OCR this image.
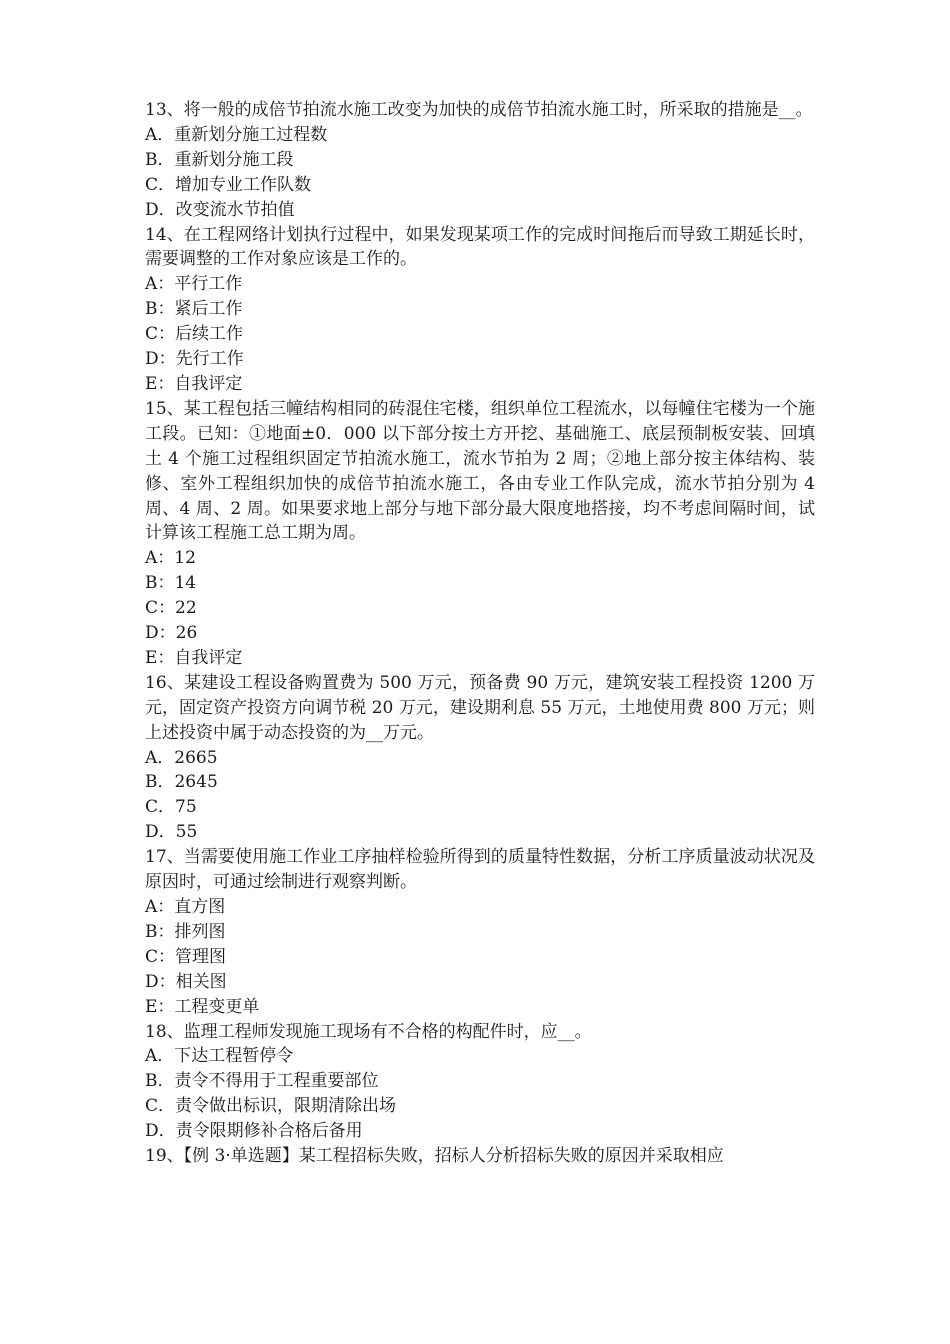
13、将一般的成倍节拍流水施工改变为加快的成倍节拍流水施工时，所采取的措施是__。

A．重新划分施工过程数

B．重新划分施工段

C．增加专业工作队数

D．改变流水节拍值

14、在工程网络计划执行过程中，如果发现某项工作的完成时间拖后而导致工期延长时，需要调整的工作对象应该是工作的。

A：平行工作

B：紧后工作

C：后续工作

D：先行工作

E：自我评定

15、某工程包括三幢结构相同的砖混住宅楼，组织单位工程流水，以每幢住宅楼为一个施工段。已知：①地面±0．000 以下部分按土方开挖、基础施工、底层预制板安装、回填土 4 个施工过程组织固定节拍流水施工，流水节拍为 2 周；②地上部分按主体结构、装修、室外工程组织加快的成倍节拍流水施工，各由专业工作队完成，流水节拍分别为 4 周、4 周、2 周。如果要求地上部分与地下部分最大限度地搭接，均不考虑间隔时间，试计算该工程施工总工期为周。

A：12

B：14

C：22

D：26

E：自我评定

16、某建设工程设备购置费为 500 万元，预备费 90 万元，建筑安装工程投资 1200 万元，固定资产投资方向调节税 20 万元，建设期利息 55 万元，土地使用费 800 万元；则上述投资中属于动态投资的为__万元。

A．2665

B．2645

C．75

D．55

17、当需要使用施工作业工序抽样检验所得到的质量特性数据，分析工序质量波动状况及原因时，可通过绘制进行观察判断。

A：直方图

B：排列图

C：管理图

D：相关图

E：工程变更单

18、监理工程师发现施工现场有不合格的构配件时，应__。

A．下达工程暂停令

B．责令不得用于工程重要部位

C．责令做出标识，限期清除出场

D．责令限期修补合格后备用

19、【例 3·单选题】某工程招标失败，招标人分析招标失败的原因并采取相应
